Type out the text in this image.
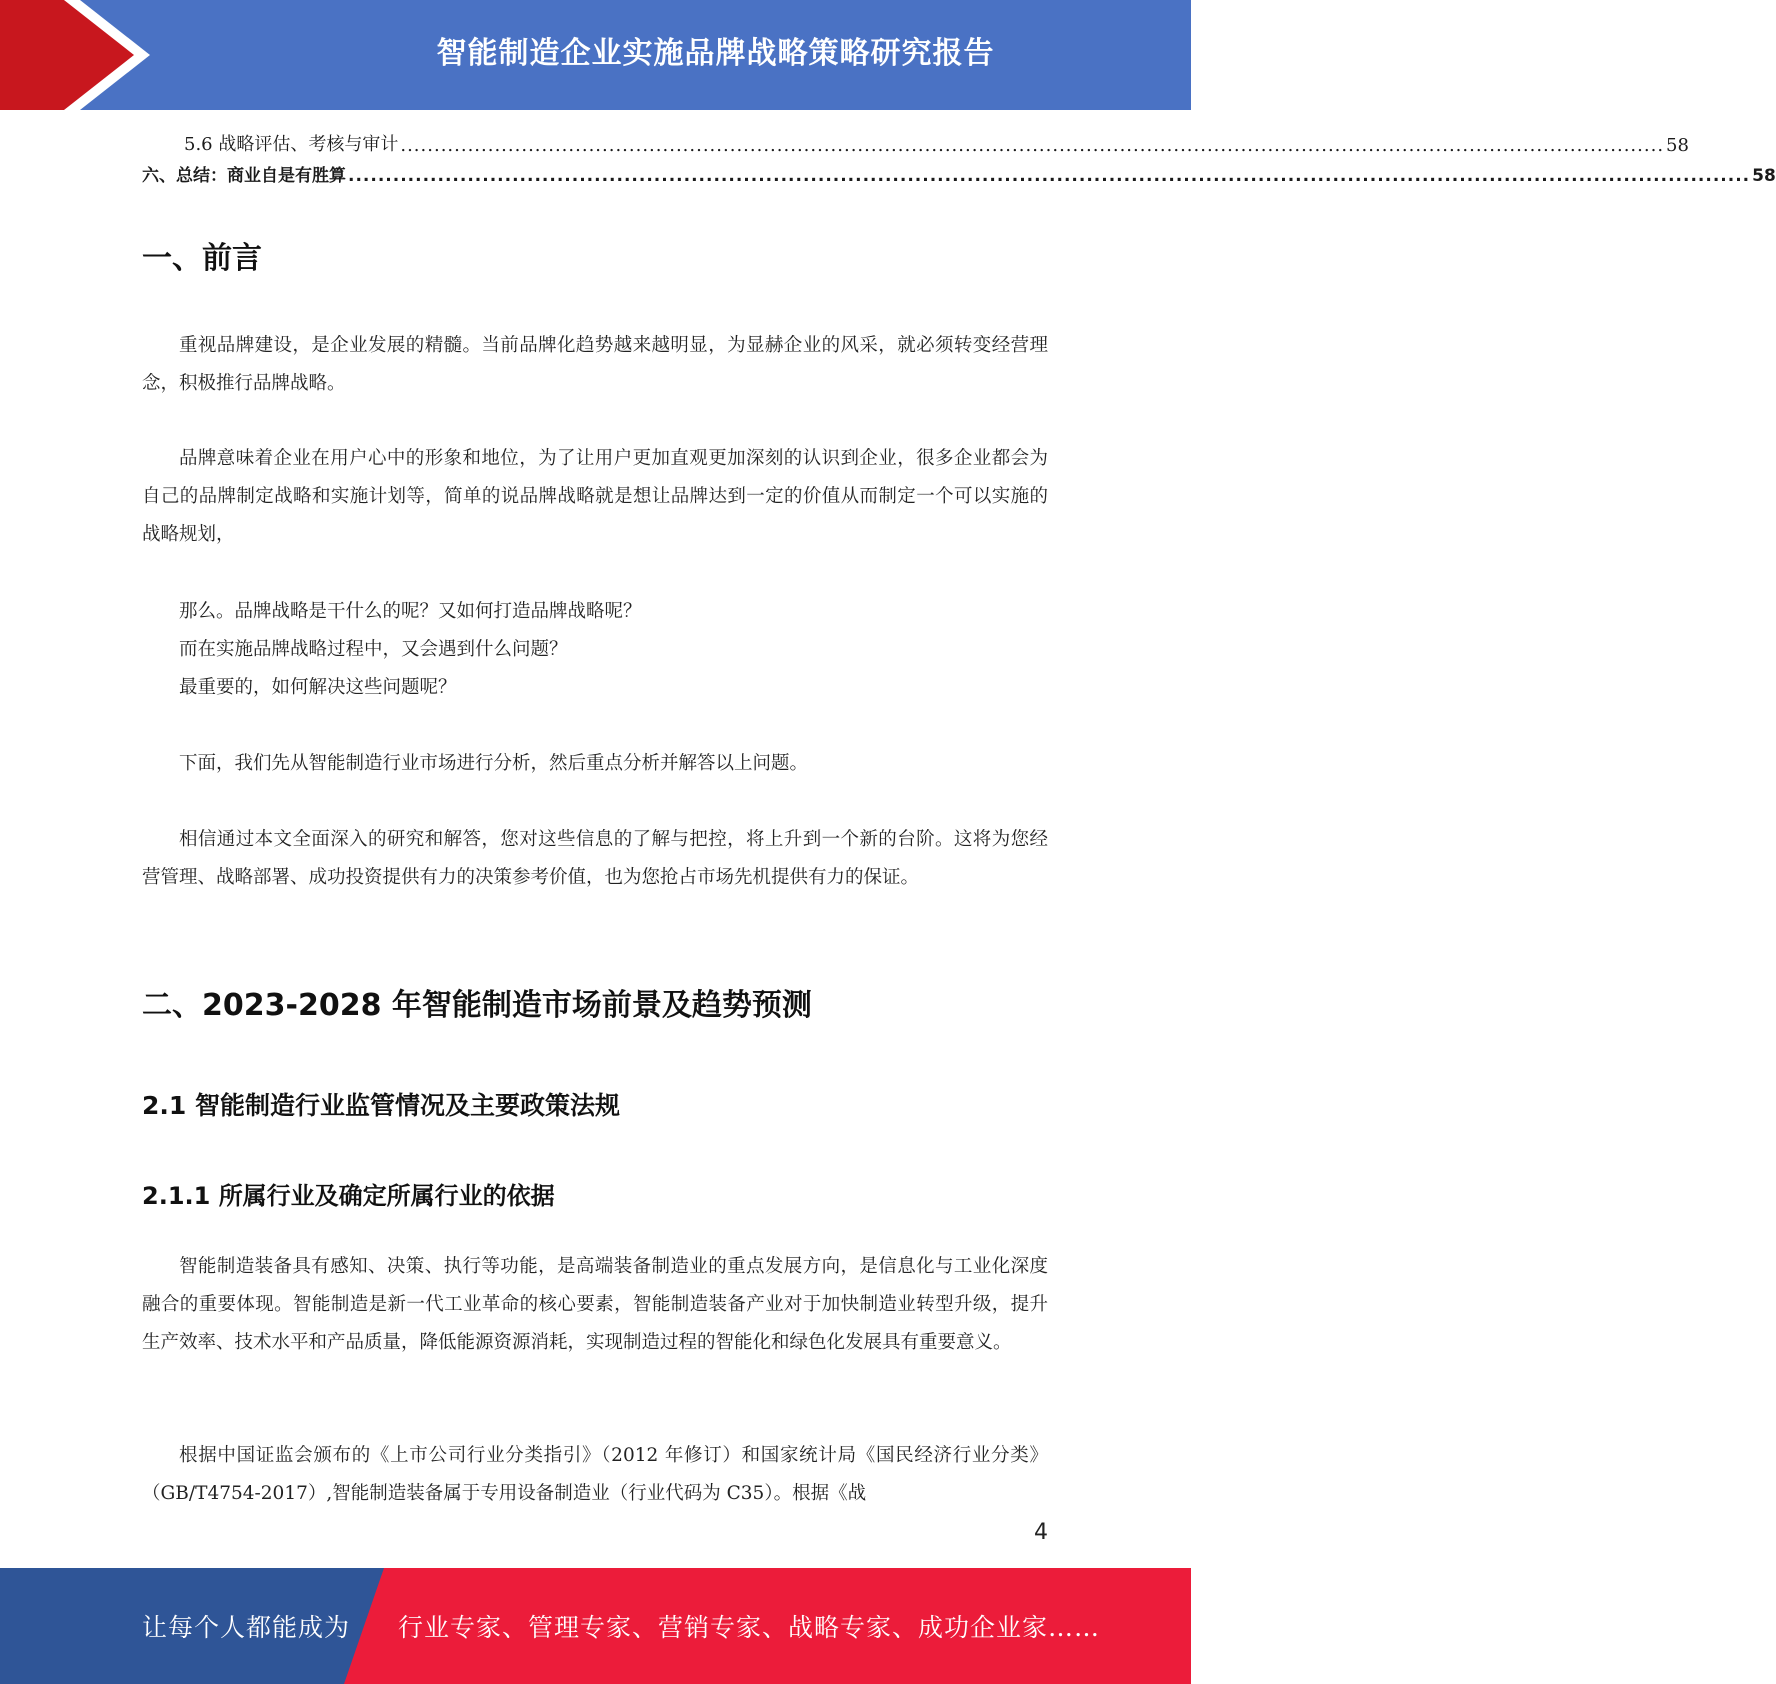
智能制造企业实施品牌战略策略研究报告
5.6 战略评估、考核与审计 ............................................................................................................................................................................................ 58
六、总结：商业自是有胜算 ............................................................................................................................................................................................ 58
一、前言

重视品牌建设，是企业发展的精髓。当前品牌化趋势越来越明显，为显赫企业的风采，就必须转变经营理念，积极推行品牌战略。

品牌意味着企业在用户心中的形象和地位，为了让用户更加直观更加深刻的认识到企业，很多企业都会为自己的品牌制定战略和实施计划等，简单的说品牌战略就是想让品牌达到一定的价值从而制定一个可以实施的战略规划，

那么。品牌战略是干什么的呢？又如何打造品牌战略呢？

而在实施品牌战略过程中，又会遇到什么问题？

最重要的，如何解决这些问题呢？

下面，我们先从智能制造行业市场进行分析，然后重点分析并解答以上问题。

相信通过本文全面深入的研究和解答，您对这些信息的了解与把控，将上升到一个新的台阶。这将为您经营管理、战略部署、成功投资提供有力的决策参考价值，也为您抢占市场先机提供有力的保证。

二、2023-2028 年智能制造市场前景及趋势预测
2.1 智能制造行业监管情况及主要政策法规
2.1.1 所属行业及确定所属行业的依据

智能制造装备具有感知、决策、执行等功能，是高端装备制造业的重点发展方向，是信息化与工业化深度融合的重要体现。智能制造是新一代工业革命的核心要素，智能制造装备产业对于加快制造业转型升级，提升生产效率、技术水平和产品质量，降低能源资源消耗，实现制造过程的智能化和绿色化发展具有重要意义。

根据中国证监会颁布的《上市公司行业分类指引》（2012 年修订）和国家统计局《国民经济行业分类》（GB/T4754-2017）,智能制造装备属于专用设备制造业（行业代码为 C35）。根据《战

4
让每个人都能成为 行业专家、管理专家、营销专家、战略专家、成功企业家……
